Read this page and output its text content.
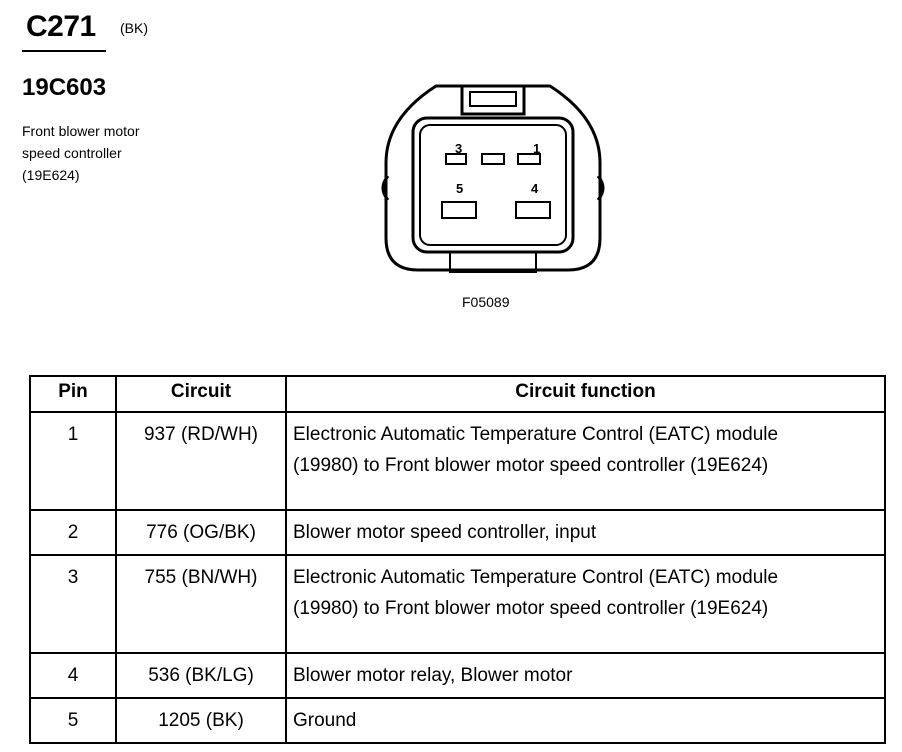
C271 (BK)
19C603
Front blower motor
speed controller
(19E624)
3	1
5	4
F05089
Pin	Circuit	Circuit function
1	937 (RD/WH)	Electronic Automatic Temperature Control (EATC) module
(19980) to Front blower motor speed controller (19E624)

2	776 (OG/BK)	Blower motor speed controller, input

3	755 (BN/WH)	Electronic Automatic Temperature Control (EATC) module
(19980) to Front blower motor speed controller (19E624)

4	536 (BK/LG)	Blower motor relay, Blower motor

5	1205 (BK)	Ground
